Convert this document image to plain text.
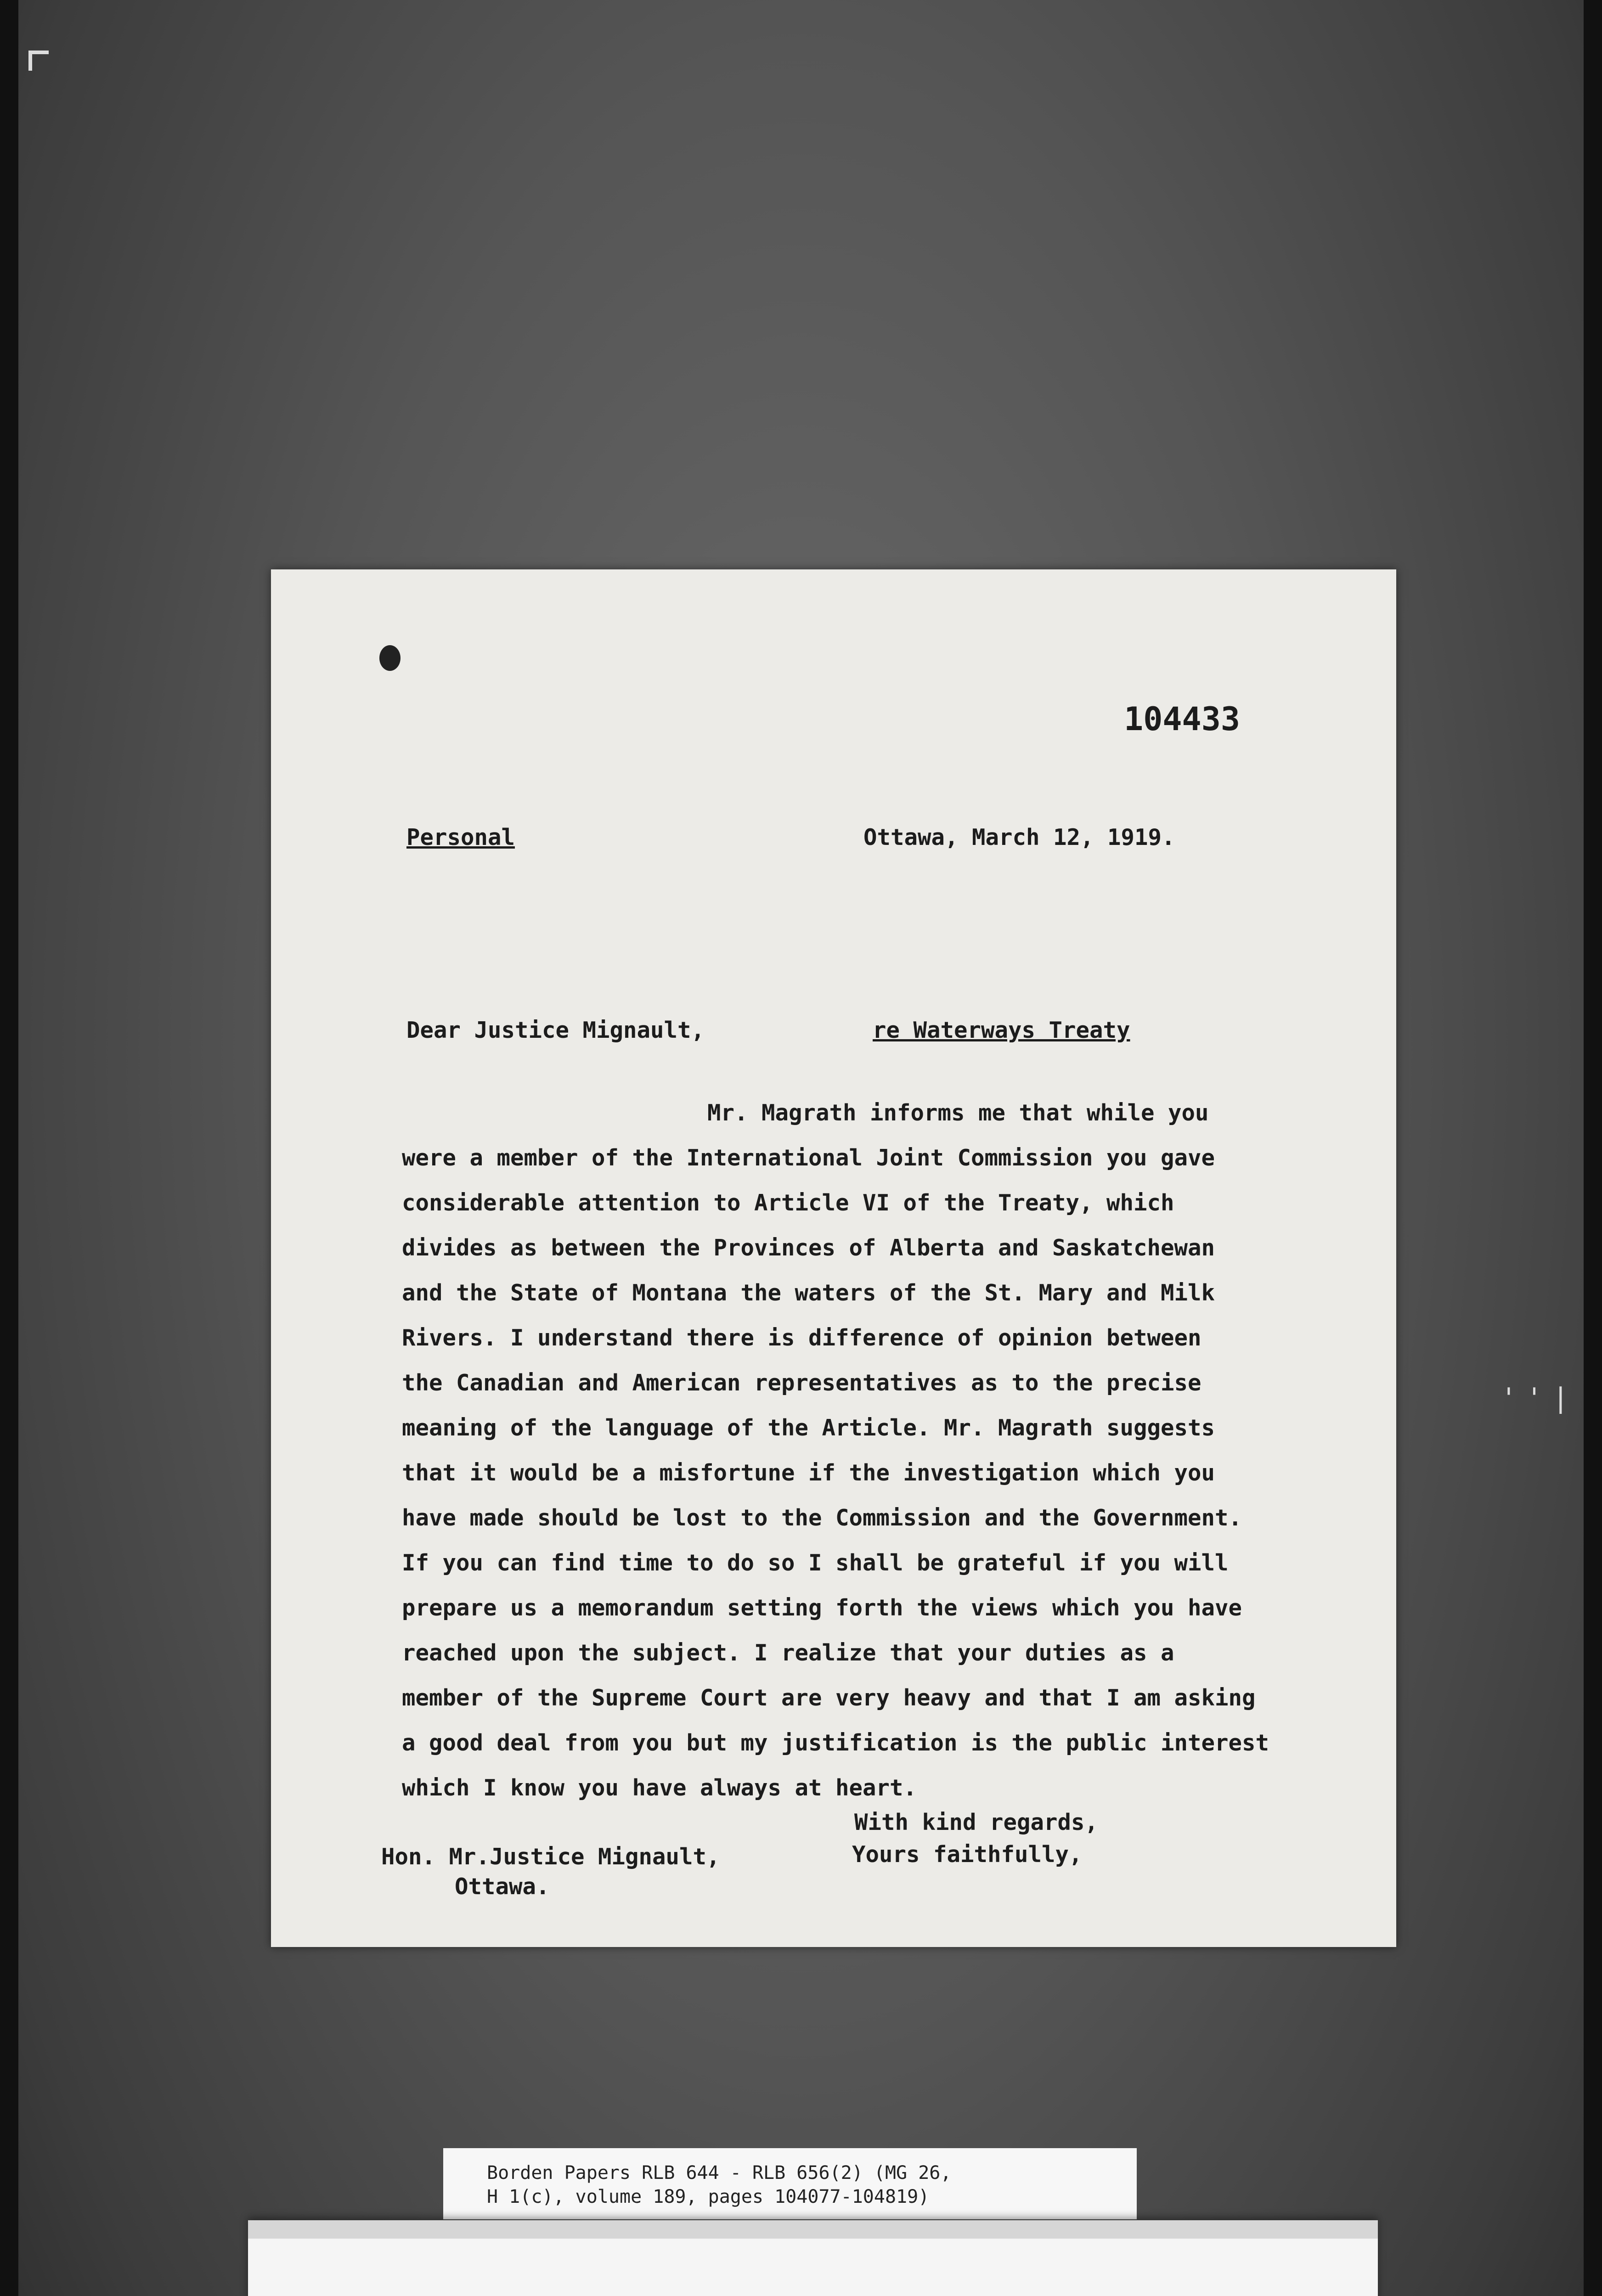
' ' |
104433
Personal	Ottawa, March 12, 1919.
Dear Justice Mignault,	re Waterways Treaty
Mr. Magrath informs me that while you
were a member of the International Joint Commission you gave
considerable attention to Article VI of the Treaty, which
divides as between the Provinces of Alberta and Saskatchewan
and the State of Montana the waters of the St. Mary and Milk
Rivers. I understand there is difference of opinion between
the Canadian and American representatives as to the precise
meaning of the language of the Article. Mr. Magrath suggests
that it would be a misfortune if the investigation which you
have made should be lost to the Commission and the Government.
If you can find time to do so I shall be grateful if you will
prepare us a memorandum setting forth the views which you have
reached upon the subject. I realize that your duties as a
member of the Supreme Court are very heavy and that I am asking
a good deal from you but my justification is the public interest
which I know you have always at heart.
With kind regards,
Yours faithfully,
Hon. Mr.Justice Mignault,
Ottawa.
Borden Papers RLB 644 - RLB 656(2) (MG 26,
H 1(c), volume 189, pages 104077-104819)
